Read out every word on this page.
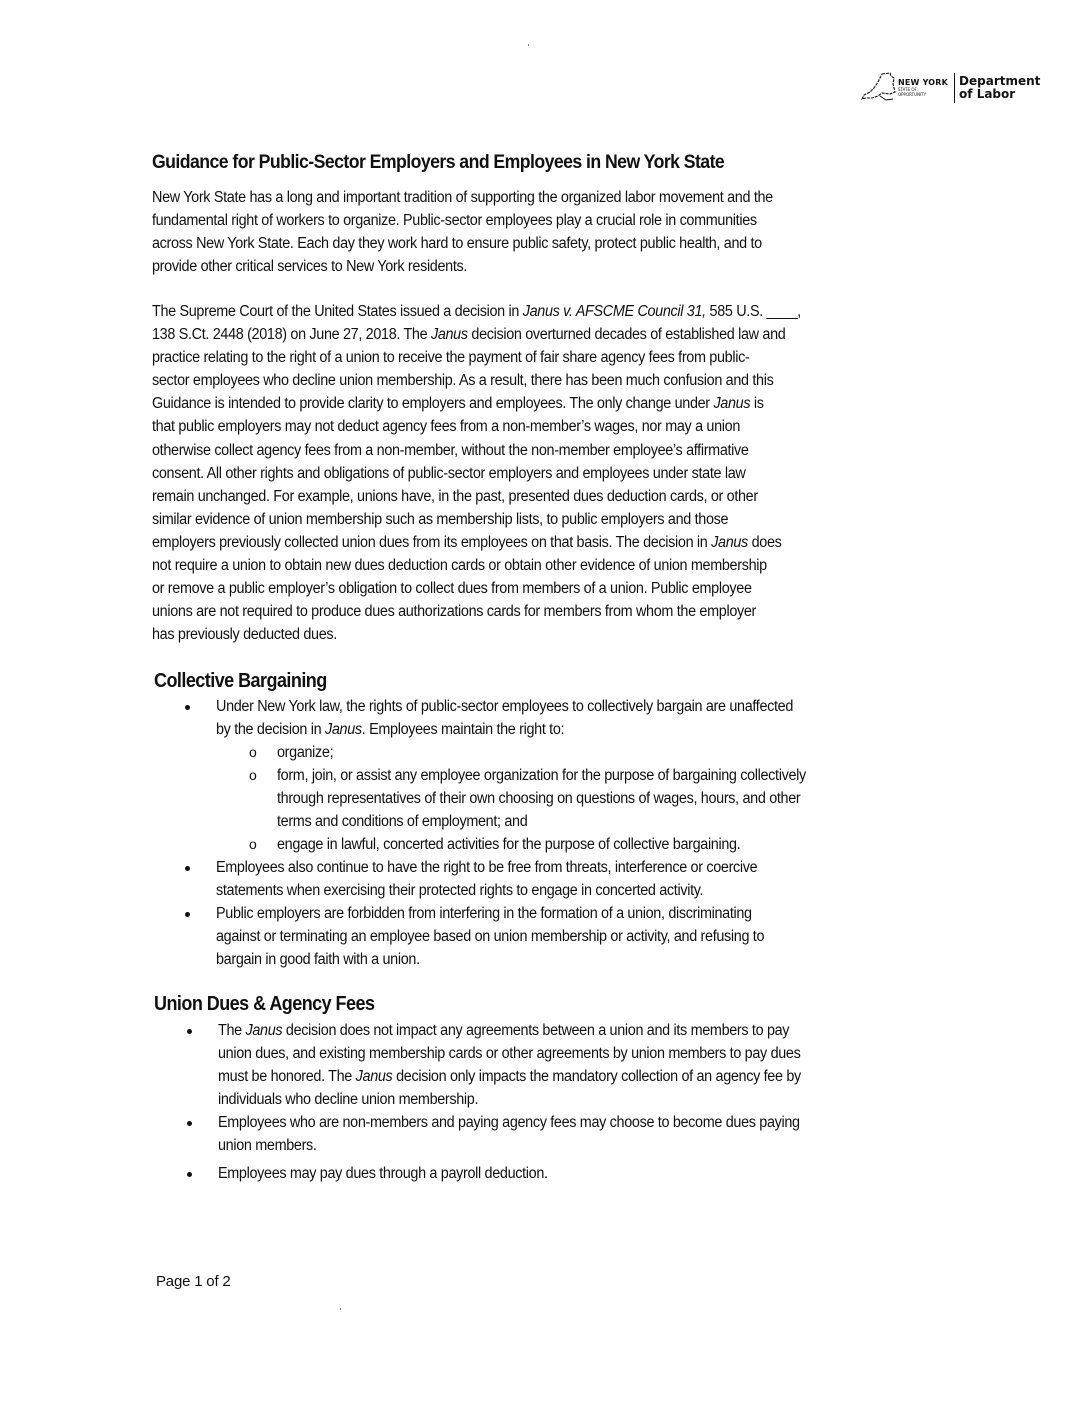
NEW YORK
STATE OF
OPPORTUNITY
Department
of Labor
Guidance for Public-Sector Employers and Employees in New York State
New York State has a long and important tradition of supporting the organized labor movement and the
fundamental right of workers to organize. Public-sector employees play a crucial role in communities
across New York State. Each day they work hard to ensure public safety, protect public health, and to
provide other critical services to New York residents.
The Supreme Court of the United States issued a decision in Janus v. AFSCME Council 31, 585 U.S. ____,
138 S.Ct. 2448 (2018) on June 27, 2018. The Janus decision overturned decades of established law and
practice relating to the right of a union to receive the payment of fair share agency fees from public-
sector employees who decline union membership. As a result, there has been much confusion and this
Guidance is intended to provide clarity to employers and employees. The only change under Janus is
that public employers may not deduct agency fees from a non-member’s wages, nor may a union
otherwise collect agency fees from a non-member, without the non-member employee’s affirmative
consent. All other rights and obligations of public-sector employers and employees under state law
remain unchanged. For example, unions have, in the past, presented dues deduction cards, or other
similar evidence of union membership such as membership lists, to public employers and those
employers previously collected union dues from its employees on that basis. The decision in Janus does
not require a union to obtain new dues deduction cards or obtain other evidence of union membership
or remove a public employer’s obligation to collect dues from members of a union. Public employee
unions are not required to produce dues authorizations cards for members from whom the employer
has previously deducted dues.
Collective Bargaining
Under New York law, the rights of public-sector employees to collectively bargain are unaffected
by the decision in Janus. Employees maintain the right to:
o organize;
o form, join, or assist any employee organization for the purpose of bargaining collectively
through representatives of their own choosing on questions of wages, hours, and other
terms and conditions of employment; and
o engage in lawful, concerted activities for the purpose of collective bargaining.
Employees also continue to have the right to be free from threats, interference or coercive
statements when exercising their protected rights to engage in concerted activity.
Public employers are forbidden from interfering in the formation of a union, discriminating
against or terminating an employee based on union membership or activity, and refusing to
bargain in good faith with a union.
Union Dues & Agency Fees
The Janus decision does not impact any agreements between a union and its members to pay
union dues, and existing membership cards or other agreements by union members to pay dues
must be honored. The Janus decision only impacts the mandatory collection of an agency fee by
individuals who decline union membership.
Employees who are non-members and paying agency fees may choose to become dues paying
union members.
Employees may pay dues through a payroll deduction.
Page 1 of 2
